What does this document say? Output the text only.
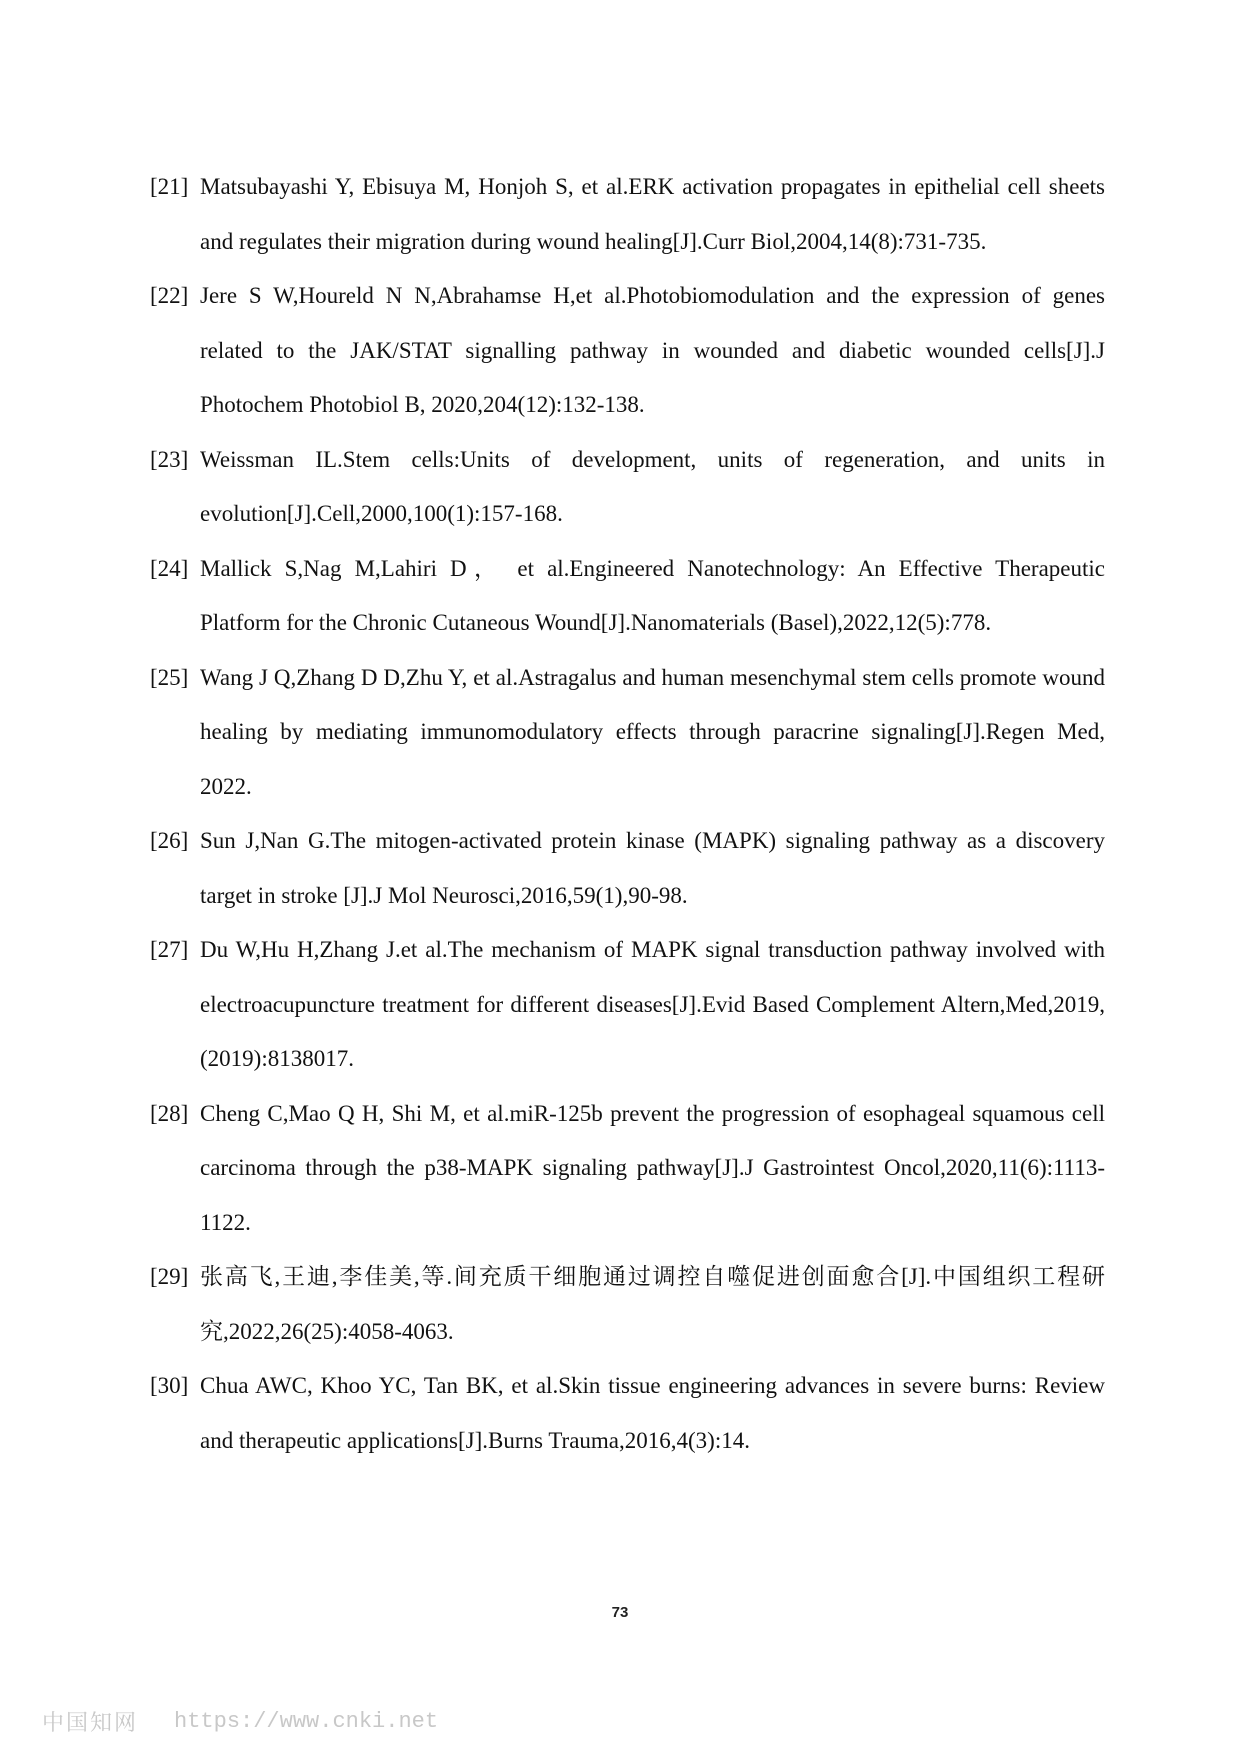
[21] Matsubayashi Y, Ebisuya M, Honjoh S, et al.ERK activation propagates in epithelial cell sheets and regulates their migration during wound healing[J].Curr Biol,2004,14(8):731-735.
[22] Jere S W,Houreld N N,Abrahamse H,et al.Photobiomodulation and the expression of genes related to the JAK/STAT signalling pathway in wounded and diabetic wounded cells[J].J Photochem Photobiol B, 2020,204(12):132-138.
[23] Weissman IL.Stem cells:Units of development, units of regeneration, and units in evolution[J].Cell,2000,100(1):157-168.
[24] Mallick S,Nag M,Lahiri D， et al.Engineered Nanotechnology: An Effective Therapeutic Platform for the Chronic Cutaneous Wound[J].Nanomaterials (Basel),2022,12(5):778.
[25] Wang J Q,Zhang D D,Zhu Y, et al.Astragalus and human mesenchymal stem cells promote wound healing by mediating immunomodulatory effects through paracrine signaling[J].Regen Med, 2022.
[26] Sun J,Nan G.The mitogen-activated protein kinase (MAPK) signaling pathway as a discovery target in stroke [J].J Mol Neurosci,2016,59(1),90-98.
[27] Du W,Hu H,Zhang J.et al.The mechanism of MAPK signal transduction pathway involved with electroacupuncture treatment for different diseases[J].Evid Based Complement Altern,Med,2019, (2019):8138017.
[28] Cheng C,Mao Q H, Shi M, et al.miR-125b prevent the progression of esophageal squamous cell carcinoma through the p38-MAPK signaling pathway[J].J Gastrointest Oncol,2020,11(6):1113-1122.
[29] 张高飞,王迪,李佳美,等.间充质干细胞通过调控自噬促进创面愈合[J].中国组织工程研究,2022,26(25):4058-4063.
[30] Chua AWC, Khoo YC, Tan BK, et al.Skin tissue engineering advances in severe burns: Review and therapeutic applications[J].Burns Trauma,2016,4(3):14.
73
中国知网 https://www.cnki.net
